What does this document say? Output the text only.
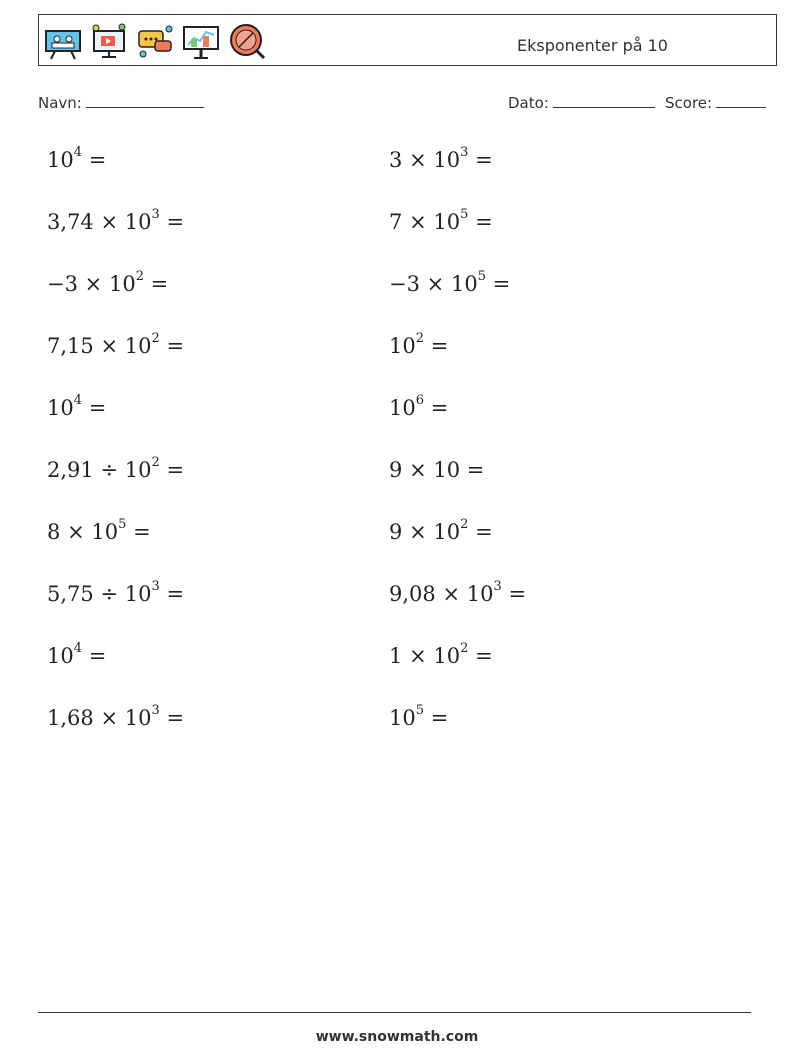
Eksponenter på 10
Navn:	Dato:	Score:
$10^4$ =	$3 \times 10^3$ =
$3,74 \times 10^3$ =	$7 \times 10^5$ =
$-3 \times 10^2$ =	$-3 \times 10^5$ =
$7,15 \times 10^2$ =	$10^2$ =
$10^4$ =	$10^6$ =
$2,91 \div 10^2$ =	9 × 10 =
$8 \times 10^5$ =	$9 \times 10^2$ =
$5,75 \div 10^3$ =	$9,08 \times 10^3$ =
$10^4$ =	$1 \times 10^2$ =
$1,68 \times 10^3$ =	$10^5$ =
www.snowmath.com
